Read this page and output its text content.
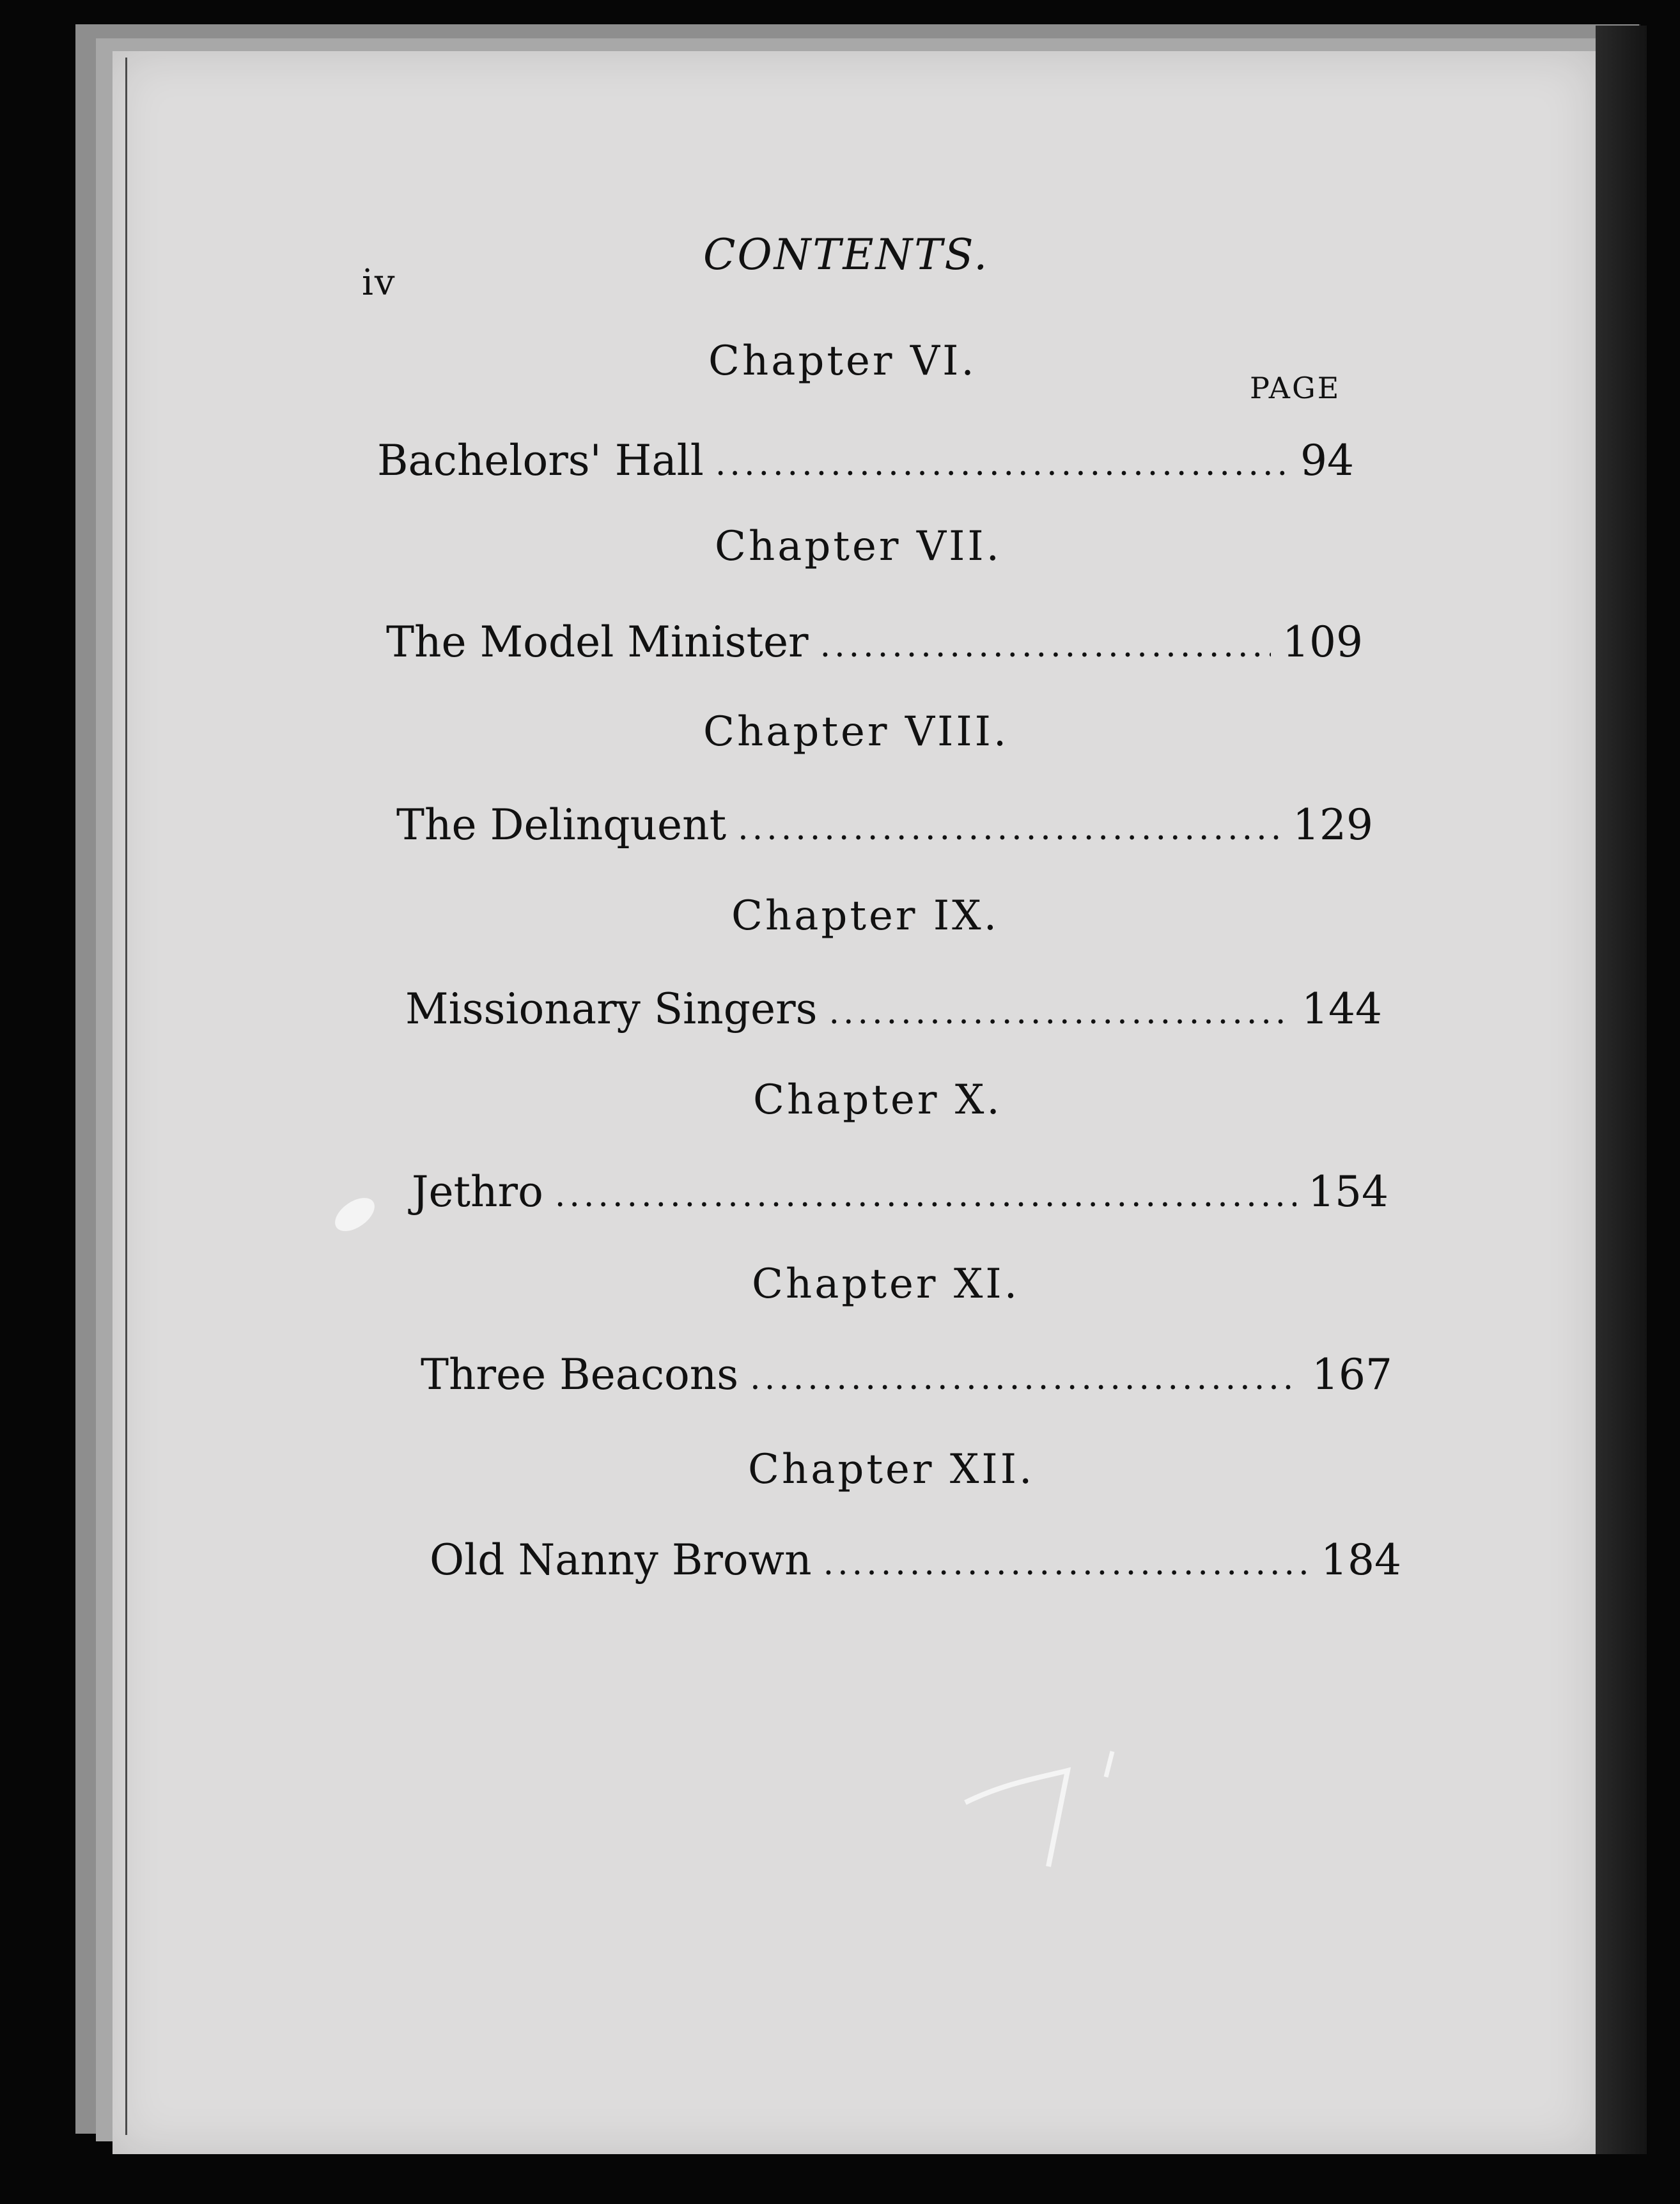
iv
CONTENTS.
PAGE
Chapter VI.
Bachelors' Hall .....	94
Chapter VII.
The Model Minister .....	109
Chapter VIII.
The Delinquent .....	129
Chapter IX.
Missionary Singers .....	144
Chapter X.
Jethro .....	154
Chapter XI.
Three Beacons .....	167
Chapter XII.
Old Nanny Brown .....	184
